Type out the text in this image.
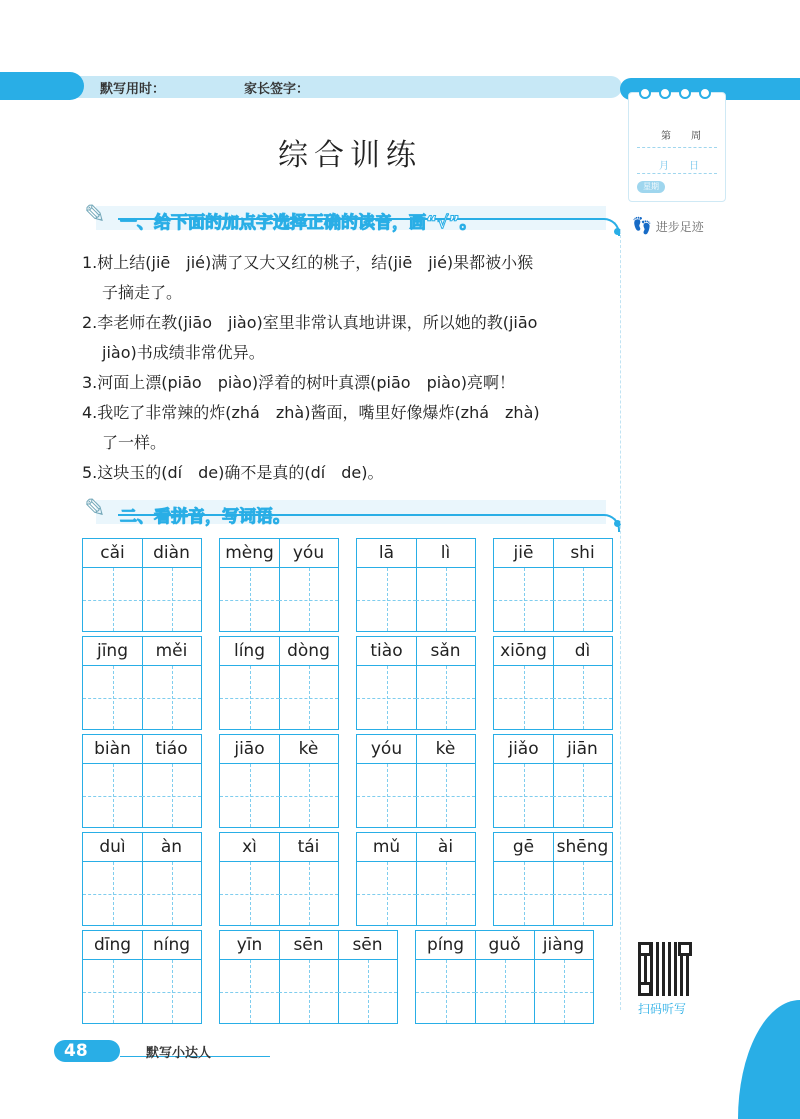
默写用时：	家长签字：
第　　周
月　　日
星期
👣 进步足迹
综合训练
✎ 一、给下面的加点字选择正确的读音，画“√”。
1.树上结(jiē　jié)满了又大又红的桃子，结(jiē　jié)果都被小猴
子摘走了。
2.李老师在教(jiāo　jiào)室里非常认真地讲课，所以她的教(jiāo
jiào)书成绩非常优异。
3.河面上漂(piāo　piào)浮着的树叶真漂(piāo　piào)亮啊！
4.我吃了非常辣的炸(zhá　zhà)酱面，嘴里好像爆炸(zhá　zhà)
了一样。
5.这块玉的(dí　de)确不是真的(dí　de)。
✎ 二、看拼音，写词语。
cǎi	diàn	mèng	yóu	lā	lì	jiē	shi
jīng	měi	líng	dòng	tiào	sǎn	xiōng	dì
biàn	tiáo	jiāo	kè	yóu	kè	jiǎo	jiān
duì	àn	xì	tái	mǔ	ài	gē	shēng
dīng	níng	yīn	sēn	sēn	píng	guǒ	jiàng
扫码听写
48	默写小达人
